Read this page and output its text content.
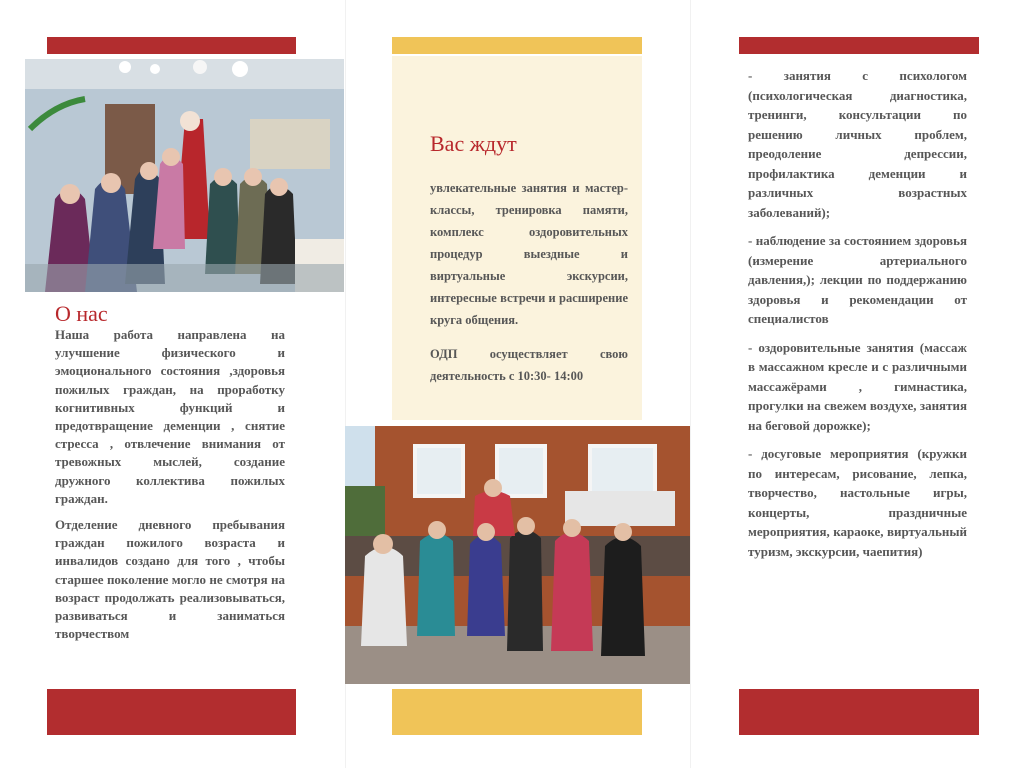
О нас

Наша работа направлена на улучшение физического и эмоционального состояния ,здоровья пожилых граждан, на проработку когнитивных функций и предотвращение деменции , снятие стресса , отвлечение внимания от тревожных мыслей, создание дружного коллектива пожилых граждан.

Отделение дневного пребывания граждан пожилого возраста и инвалидов создано для того , чтобы старшее поколение могло не смотря на возраст продолжать реализовываться, развиваться и заниматься творчеством

Вас ждут

увлекательные занятия и мастер-классы, тренировка памяти, комплекс оздоровительных процедур выездные и виртуальные экскурсии, интересные встречи и расширение круга общения.

ОДП осуществляет свою деятельность с 10:30- 14:00

- занятия с психологом (психологическая диагностика, тренинги, консультации по решению личных проблем, преодоление депрессии, профилактика деменции и различных возрастных заболеваний);

- наблюдение за состоянием здоровья (измерение артериального давления,); лекции по поддержанию здоровья и рекомендации от специалистов

- оздоровительные занятия (массаж в массажном кресле и с различными массажёрами , гимнастика, прогулки на свежем воздухе, занятия на беговой дорожке);

- досуговые мероприятия (кружки по интересам, рисование, лепка, творчество, настольные игры, концерты, праздничные мероприятия, караоке, виртуальный туризм, экскурсии, чаепития)
